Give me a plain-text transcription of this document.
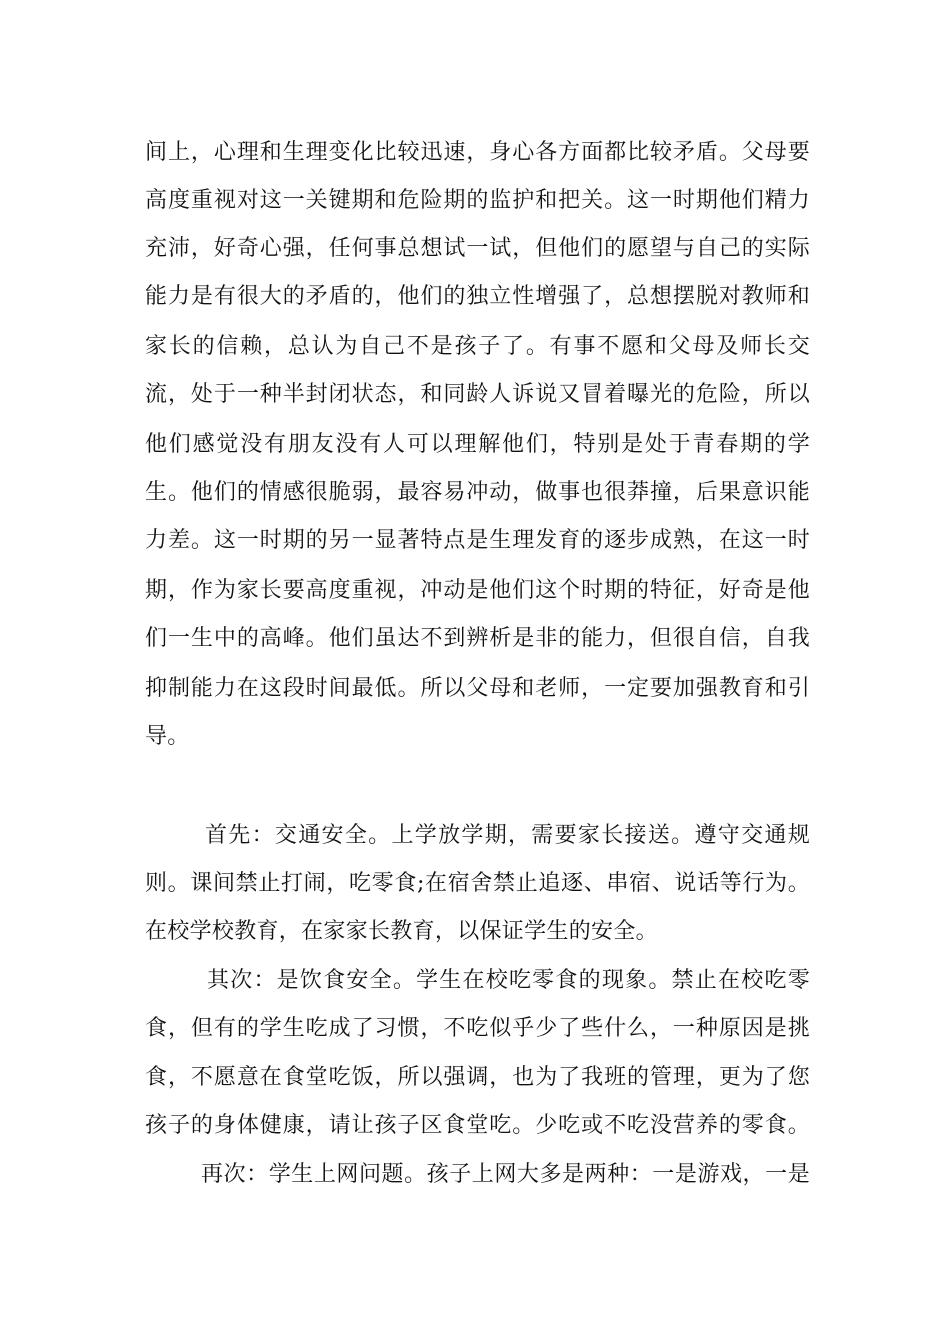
间上，心理和生理变化比较迅速，身心各方面都比较矛盾。父母要
高度重视对这一关键期和危险期的监护和把关。这一时期他们精力
充沛，好奇心强，任何事总想试一试，但他们的愿望与自己的实际
能力是有很大的矛盾的，他们的独立性增强了，总想摆脱对教师和
家长的信赖，总认为自己不是孩子了。有事不愿和父母及师长交
流，处于一种半封闭状态，和同龄人诉说又冒着曝光的危险，所以
他们感觉没有朋友没有人可以理解他们，特别是处于青春期的学
生。他们的情感很脆弱，最容易冲动，做事也很莽撞，后果意识能
力差。这一时期的另一显著特点是生理发育的逐步成熟，在这一时
期，作为家长要高度重视，冲动是他们这个时期的特征，好奇是他
们一生中的高峰。他们虽达不到辨析是非的能力，但很自信，自我
抑制能力在这段时间最低。所以父母和老师，一定要加强教育和引
导。
首先：交通安全。上学放学期，需要家长接送。遵守交通规
则。课间禁止打闹，吃零食;在宿舍禁止追逐、串宿、说话等行为。
在校学校教育，在家家长教育，以保证学生的安全。
其次：是饮食安全。学生在校吃零食的现象。禁止在校吃零
食，但有的学生吃成了习惯，不吃似乎少了些什么，一种原因是挑
食，不愿意在食堂吃饭，所以强调，也为了我班的管理，更为了您
孩子的身体健康，请让孩子区食堂吃。少吃或不吃没营养的零食。
再次：学生上网问题。孩子上网大多是两种：一是游戏，一是
